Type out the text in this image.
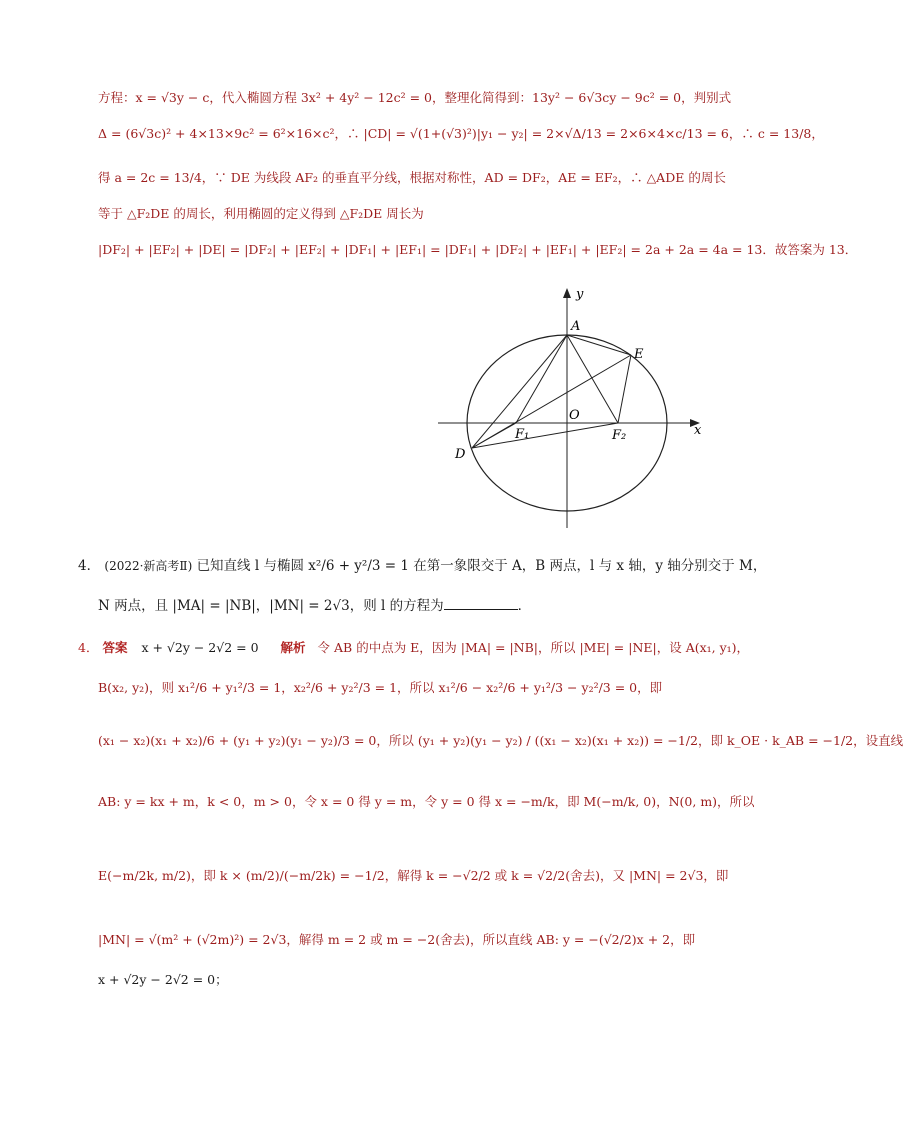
方程：x = √3y − c，代入椭圆方程 3x² + 4y² − 12c² = 0，整理化简得到：13y² − 6√3cy − 9c² = 0，判别式
Δ = (6√3c)² + 4×13×9c² = 6²×16×c²，∴ |CD| = √(1+(√3)²)|y₁ − y₂| = 2×√Δ/13 = 2×6×4×c/13 = 6，∴ c = 13/8，
得 a = 2c = 13/4，∵ DE 为线段 AF₂ 的垂直平分线，根据对称性，AD = DF₂，AE = EF₂，∴ △ADE 的周长
等于 △F₂DE 的周长，利用椭圆的定义得到 △F₂DE 周长为
|DF₂| + |EF₂| + |DE| = |DF₂| + |EF₂| + |DF₁| + |EF₁| = |DF₁| + |DF₂| + |EF₁| + |EF₂| = 2a + 2a = 4a = 13．故答案为 13．
y
x
A
E
O
F₁	F₂
D
4． (2022·新高考Ⅱ) 已知直线 l 与椭圆 x²/6 + y²/3 = 1 在第一象限交于 A，B 两点，l 与 x 轴，y 轴分别交于 M，
N 两点，且 |MA| = |NB|，|MN| = 2√3，则 l 的方程为	．
4． 答案 x + √2y − 2√2 = 0 解析 令 AB 的中点为 E，因为 |MA| = |NB|，所以 |ME| = |NE|，设 A(x₁, y₁)，
B(x₂, y₂)，则 x₁²/6 + y₁²/3 = 1，x₂²/6 + y₂²/3 = 1，所以 x₁²/6 − x₂²/6 + y₁²/3 − y₂²/3 = 0，即
(x₁ − x₂)(x₁ + x₂)/6 + (y₁ + y₂)(y₁ − y₂)/3 = 0，所以 (y₁ + y₂)(y₁ − y₂) / ((x₁ − x₂)(x₁ + x₂)) = −1/2，即 k_OE · k_AB = −1/2，设直线
AB: y = kx + m，k < 0，m > 0，令 x = 0 得 y = m，令 y = 0 得 x = −m/k，即 M(−m/k, 0)，N(0, m)，所以
E(−m/2k, m/2)，即 k × (m/2)/(−m/2k) = −1/2，解得 k = −√2/2 或 k = √2/2(舍去)，又 |MN| = 2√3，即
|MN| = √(m² + (√2m)²) = 2√3，解得 m = 2 或 m = −2(舍去)，所以直线 AB: y = −(√2/2)x + 2，即
x + √2y − 2√2 = 0；
